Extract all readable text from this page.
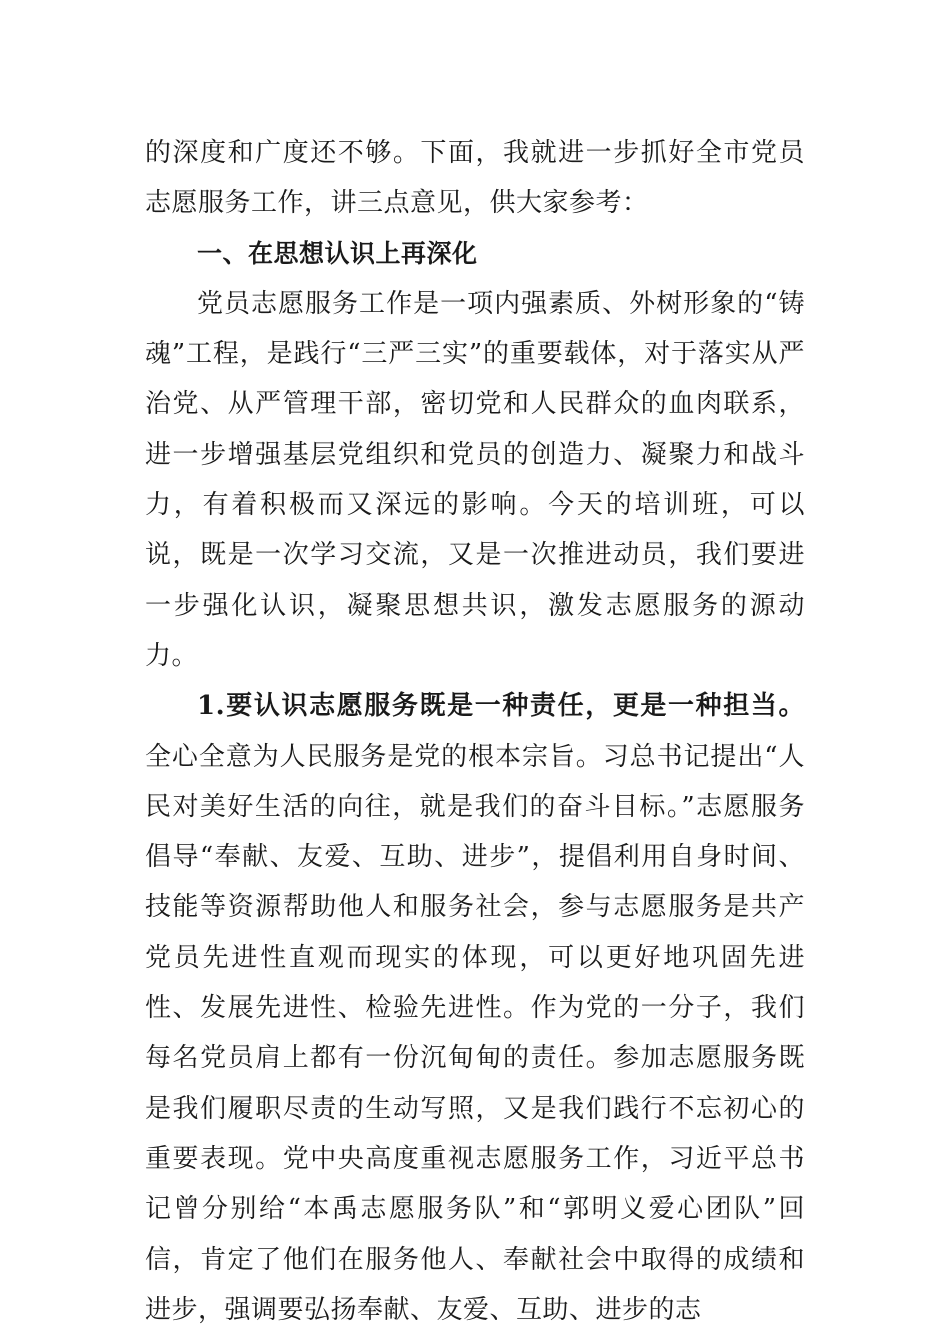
的深度和广度还不够。下面，我就进一步抓好全市党员志愿服务工作，讲三点意见，供大家参考：

一、在思想认识上再深化

党员志愿服务工作是一项内强素质、外树形象的“铸魂”工程，是践行“三严三实”的重要载体，对于落实从严治党、从严管理干部，密切党和人民群众的血肉联系，进一步增强基层党组织和党员的创造力、凝聚力和战斗力，有着积极而又深远的影响。今天的培训班，可以说，既是一次学习交流，又是一次推进动员，我们要进一步强化认识，凝聚思想共识，激发志愿服务的源动力。

1.要认识志愿服务既是一种责任，更是一种担当。全心全意为人民服务是党的根本宗旨。习总书记提出“人民对美好生活的向往，就是我们的奋斗目标。”志愿服务倡导“奉献、友爱、互助、进步”，提倡利用自身时间、技能等资源帮助他人和服务社会，参与志愿服务是共产党员先进性直观而现实的体现，可以更好地巩固先进性、发展先进性、检验先进性。作为党的一分子，我们每名党员肩上都有一份沉甸甸的责任。参加志愿服务既是我们履职尽责的生动写照，又是我们践行不忘初心的重要表现。党中央高度重视志愿服务工作，习近平总书记曾分别给“本禹志愿服务队”和“郭明义爱心团队”回信，肯定了他们在服务他人、奉献社会中取得的成绩和进步，强调要弘扬奉献、友爱、互助、进步的志
